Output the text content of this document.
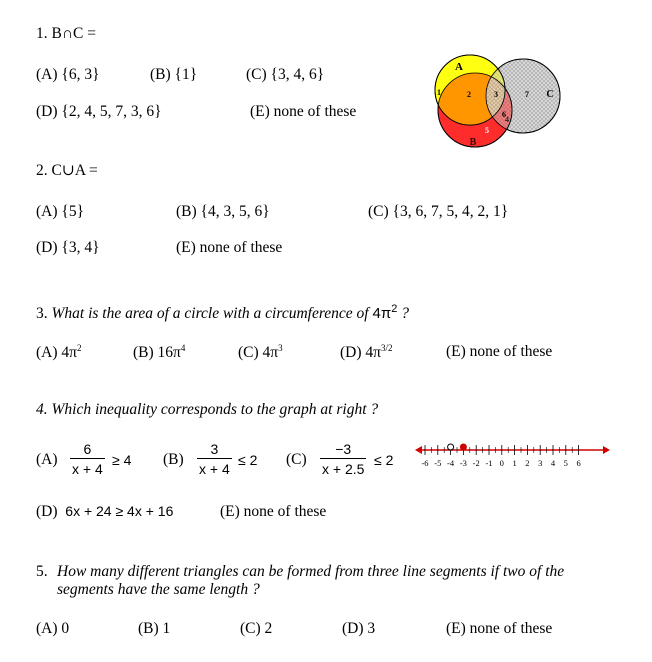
1. B∩C =
(A) {6, 3}	(B) {1}	(C) {3, 4, 6}
(D) {2, 4, 5, 7, 3, 6}	(E) none of these
A
B
C
1	2	3
4
5
6
7
2. C∪A =
(A) {5}	(B) {4, 3, 5, 6}	(C) {3, 6, 7, 5, 4, 2, 1}
(D) {3, 4}	(E) none of these
3. What is the area of a circle with a circumference of $4\pi^2$ ?
(A) $4\pi^2$	(B) $16\pi^4$	(C) $4\pi^3$	(D) $4\pi^{3/2}$	(E) none of these
4. Which inequality corresponds to the graph at right ?
$(A) \frac{6}{x + 4} \ge 4$ $(B) \frac{3}{x + 4} \le 2$ $(C) \frac{-3}{x + 2.5} \le 2$	-6 -5 -4 -3 -2 -1 0 1 2 3 4 5 6
(D) 6x + 24 ≥ 4x + 16	(E) none of these
5. How many different triangles can be formed from three line segments if two of the
segments have the same length ?
(A) 0	(B) 1	(C) 2	(D) 3	(E) none of these
